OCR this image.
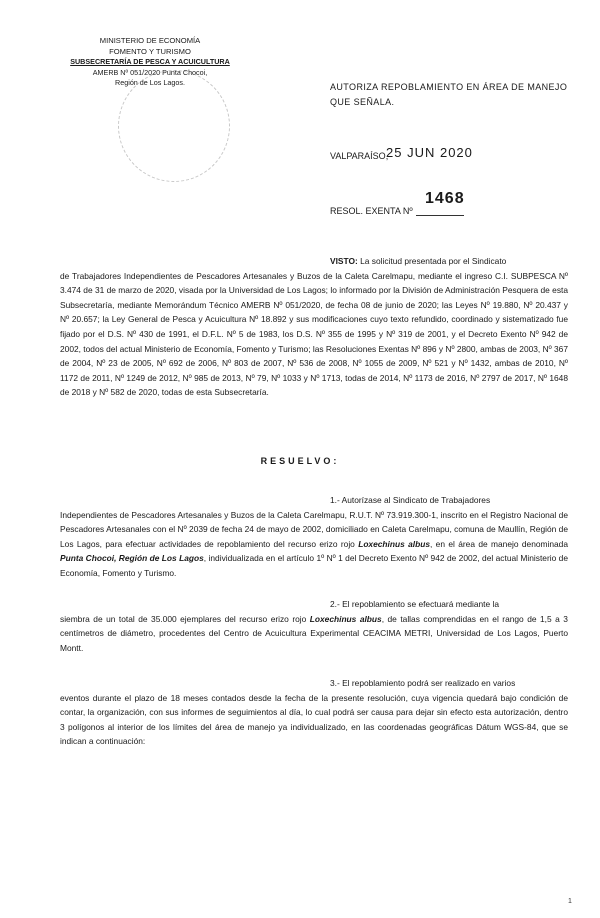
MINISTERIO DE ECONOMÍA
FOMENTO Y TURISMO
SUBSECRETARÍA DE PESCA Y ACUICULTURA
AMERB Nº 051/2020 Punta Chocoi,
Región de Los Lagos.	AUTORIZA REPOBLAMIENTO EN ÁREA DE MANEJO QUE SEÑALA.
VALPARAÍSO,
25 JUN 2020
1468
RESOL. EXENTA Nº
VISTO: La solicitud presentada por el Sindicato
de Trabajadores Independientes de Pescadores Artesanales y Buzos de la Caleta Carelmapu, mediante el ingreso C.I. SUBPESCA Nº 3.474 de 31 de marzo de 2020, visada por la Universidad de Los Lagos; lo informado por la División de Administración Pesquera de esta Subsecretaría, mediante Memorándum Técnico AMERB Nº 051/2020, de fecha 08 de junio de 2020; las Leyes Nº 19.880, Nº 20.437 y Nº 20.657; la Ley General de Pesca y Acuicultura Nº 18.892 y sus modificaciones cuyo texto refundido, coordinado y sistematizado fue fijado por el D.S. Nº 430 de 1991, el D.F.L. Nº 5 de 1983, los D.S. Nº 355 de 1995 y Nº 319 de 2001, y el Decreto Exento Nº 942 de 2002, todos del actual Ministerio de Economía, Fomento y Turismo; las Resoluciones Exentas Nº 896 y Nº 2800, ambas de 2003, Nº 367 de 2004, Nº 23 de 2005, Nº 692 de 2006, Nº 803 de 2007, Nº 536 de 2008, Nº 1055 de 2009, Nº 521 y Nº 1432, ambas de 2010, Nº 1172 de 2011, Nº 1249 de 2012, Nº 985 de 2013, Nº 79, Nº 1033 y Nº 1713, todas de 2014, Nº 1173 de 2016, Nº 2797 de 2017, Nº 1648 de 2018 y Nº 582 de 2020, todas de esta Subsecretaría.
RESUELVO:
1.- Autorízase al Sindicato de Trabajadores
Independientes de Pescadores Artesanales y Buzos de la Caleta Carelmapu, R.U.T. Nº 73.919.300-1, inscrito en el Registro Nacional de Pescadores Artesanales con el Nº 2039 de fecha 24 de mayo de 2002, domiciliado en Caleta Carelmapu, comuna de Maullín, Región de Los Lagos, para efectuar actividades de repoblamiento del recurso erizo rojo Loxechinus albus, en el área de manejo denominada Punta Chocoi, Región de Los Lagos, individualizada en el artículo 1º Nº 1 del Decreto Exento Nº 942 de 2002, del actual Ministerio de Economía, Fomento y Turismo.
2.- El repoblamiento se efectuará mediante la
siembra de un total de 35.000 ejemplares del recurso erizo rojo Loxechinus albus, de tallas comprendidas en el rango de 1,5 a 3 centímetros de diámetro, procedentes del Centro de Acuicultura Experimental CEACIMA METRI, Universidad de Los Lagos, Puerto Montt.
3.- El repoblamiento podrá ser realizado en varios
eventos durante el plazo de 18 meses contados desde la fecha de la presente resolución, cuya vigencia quedará bajo condición de contar, la organización, con sus informes de seguimientos al día, lo cual podrá ser causa para dejar sin efecto esta autorización, dentro 3 polígonos al interior de los límites del área de manejo ya individualizado, en las coordenadas geográficas Dátum WGS-84, que se indican a continuación:
1
